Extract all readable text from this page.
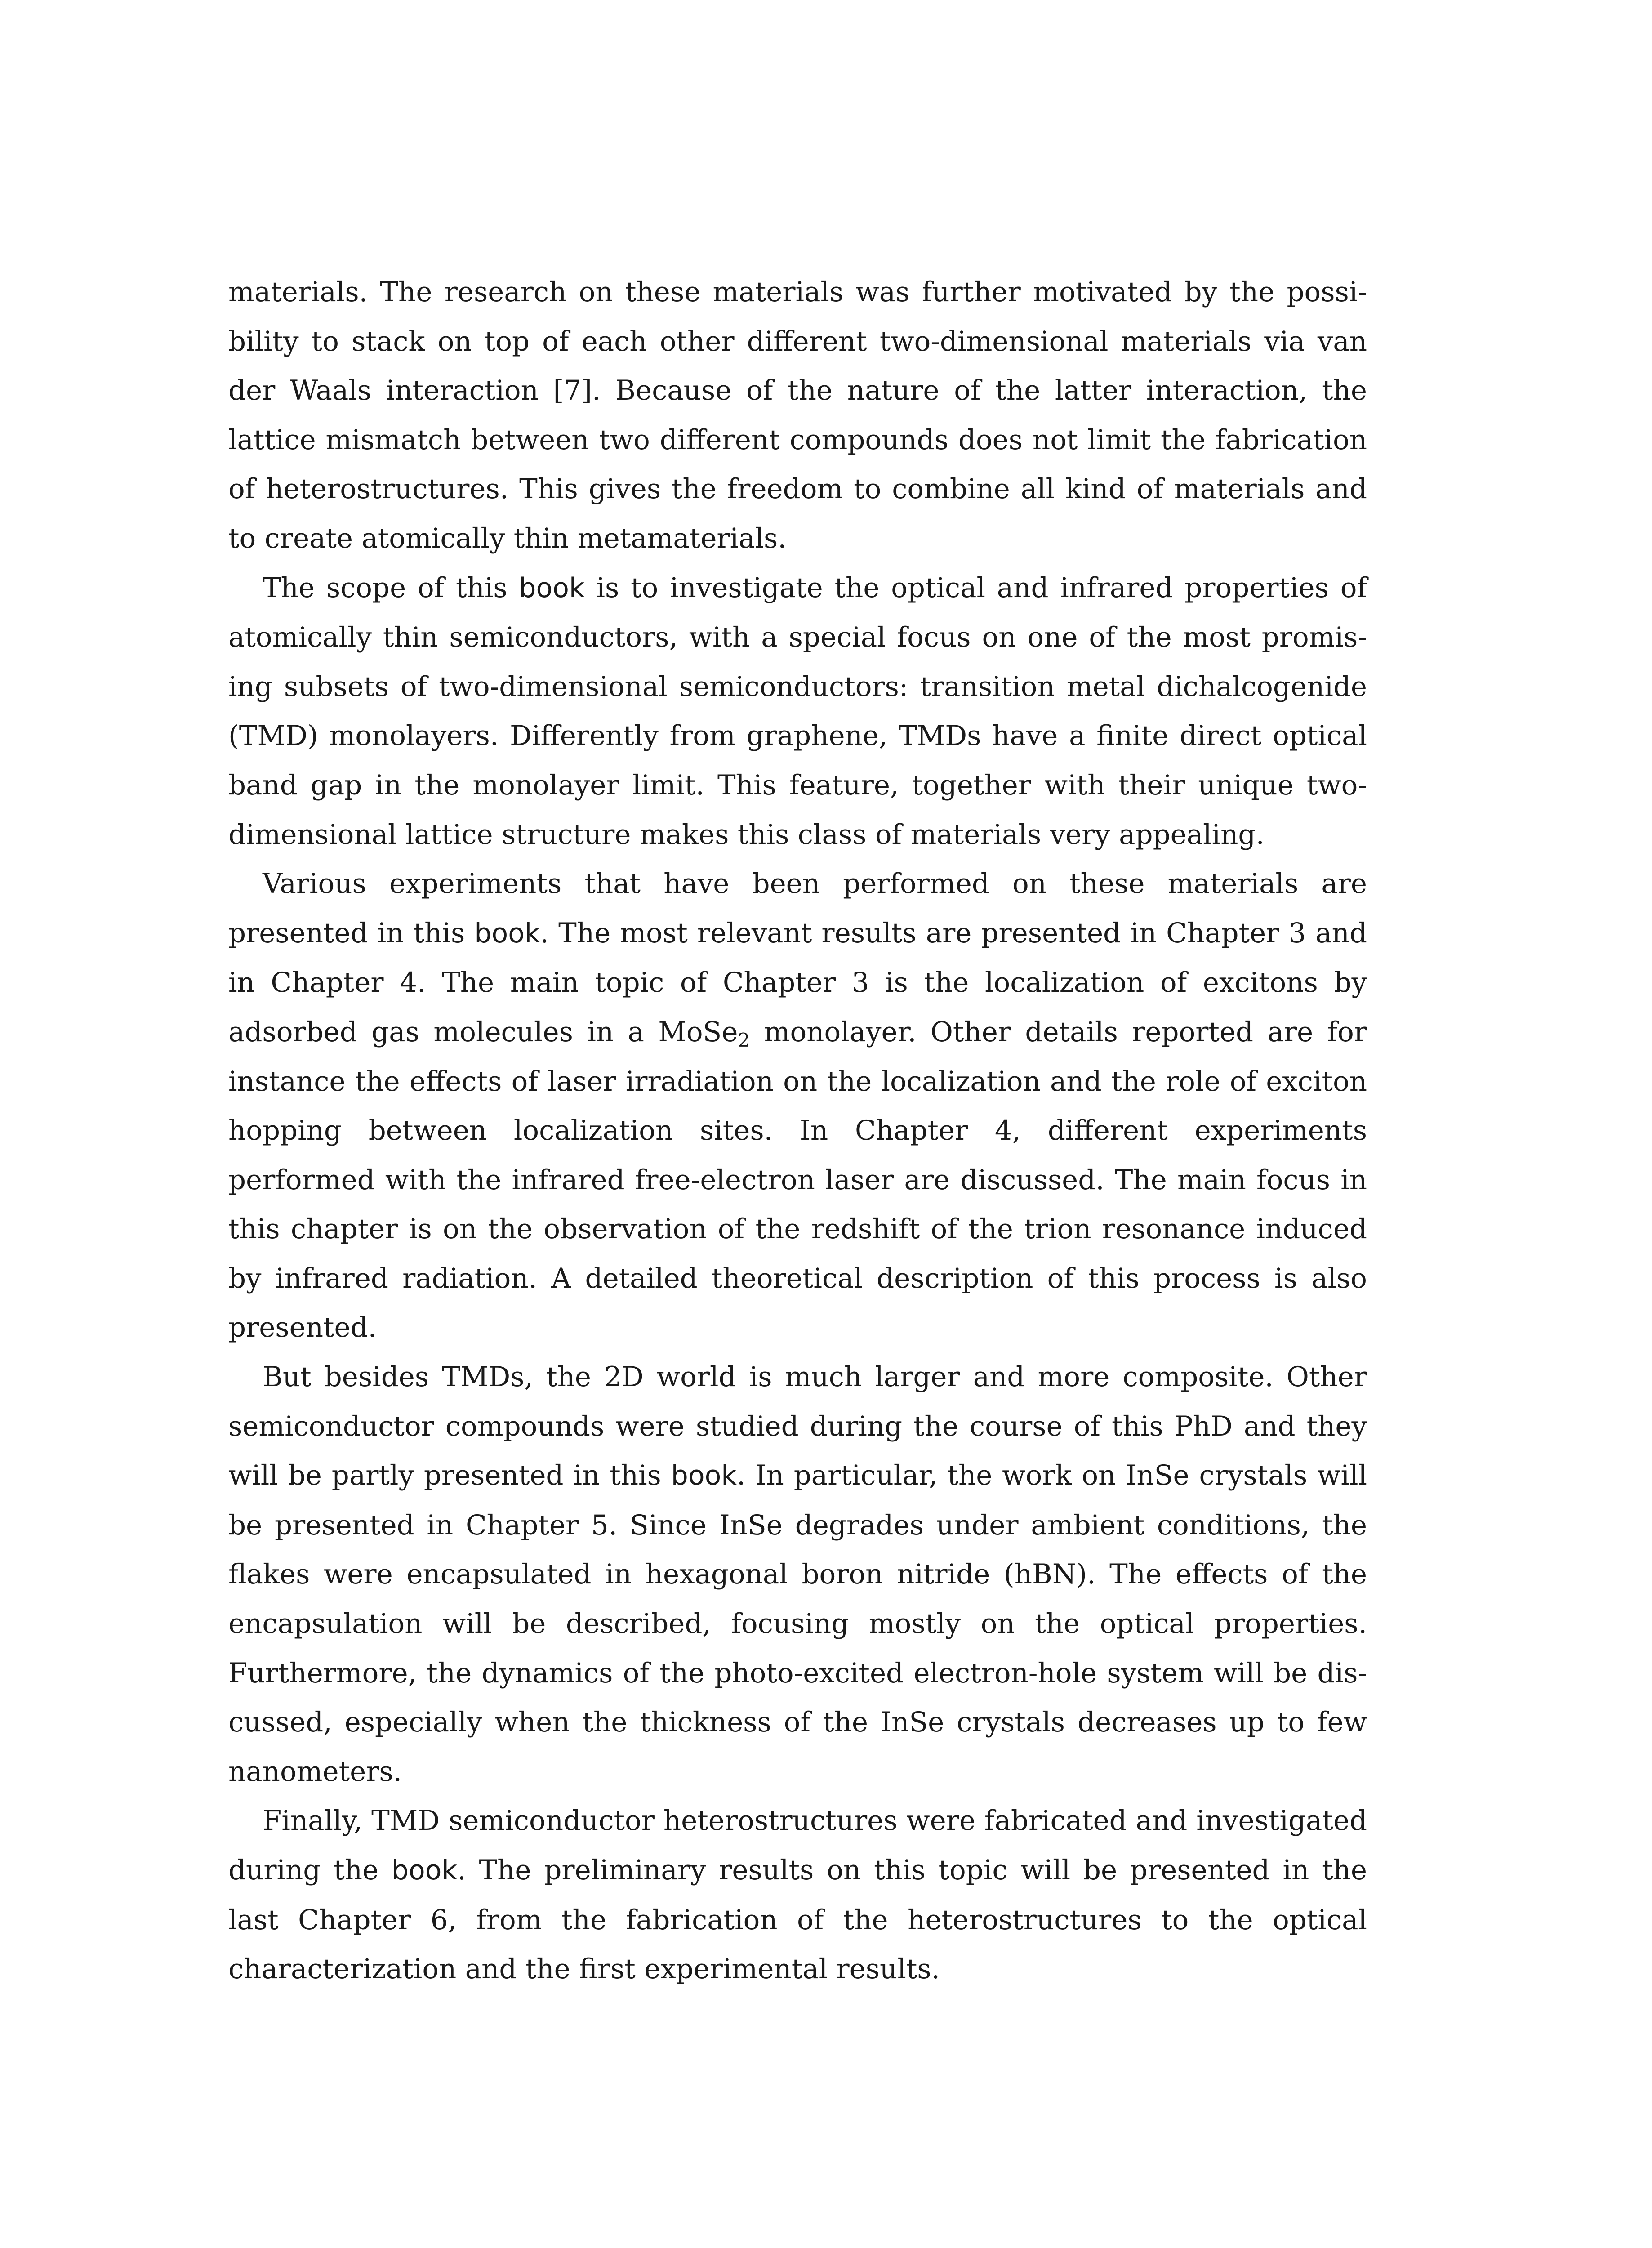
materials. The research on these materials was further motivated by the possibility to stack on top of each other different two-dimensional materials via van der Waals interaction [7]. Because of the nature of the latter interaction, the lattice mismatch between two different compounds does not limit the fabrication of heterostructures. This gives the freedom to combine all kind of materials and to create atomically thin metamaterials.

The scope of this book is to investigate the optical and infrared properties of atomically thin semiconductors, with a special focus on one of the most promising subsets of two-dimensional semiconductors: transition metal dichalcogenide (TMD) monolayers. Differently from graphene, TMDs have a finite direct optical band gap in the monolayer limit. This feature, together with their unique two-dimensional lattice structure makes this class of materials very appealing.

Various experiments that have been performed on these materials are presented in this book. The most relevant results are presented in Chapter 3 and in Chapter 4. The main topic of Chapter 3 is the localization of excitons by adsorbed gas molecules in a MoSe$_2$ monolayer. Other details reported are for instance the effects of laser irradiation on the localization and the role of exciton hopping between localization sites. In Chapter 4, different experiments performed with the infrared free-electron laser are discussed. The main focus in this chapter is on the observation of the redshift of the trion resonance induced by infrared radiation. A detailed theoretical description of this process is also presented.

But besides TMDs, the 2D world is much larger and more composite. Other semiconductor compounds were studied during the course of this PhD and they will be partly presented in this book. In particular, the work on InSe crystals will be presented in Chapter 5. Since InSe degrades under ambient conditions, the flakes were encapsulated in hexagonal boron nitride (hBN). The effects of the encapsulation will be described, focusing mostly on the optical properties. Furthermore, the dynamics of the photo-excited electron-hole system will be discussed, especially when the thickness of the InSe crystals decreases up to few nanometers.

Finally, TMD semiconductor heterostructures were fabricated and investigated during the book. The preliminary results on this topic will be presented in the last Chapter 6, from the fabrication of the heterostructures to the optical characterization and the first experimental results.
